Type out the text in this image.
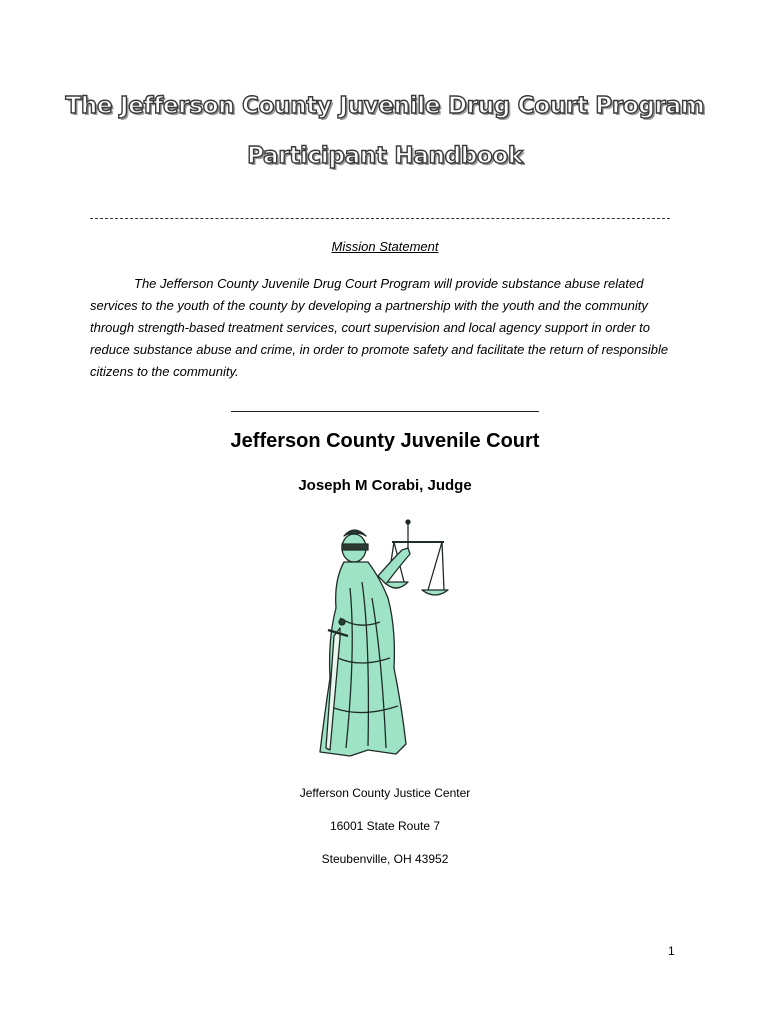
The Jefferson County Juvenile Drug Court Program
Participant Handbook
Mission Statement

The Jefferson County Juvenile Drug Court Program will provide substance abuse related services to the youth of the county by developing a partnership with the youth and the community through strength-based treatment services, court supervision and local agency support in order to reduce substance abuse and crime, in order to promote safety and facilitate the return of responsible citizens to the community.

Jefferson County Juvenile Court
Joseph M Corabi, Judge
Jefferson County Justice Center
16001 State Route 7
Steubenville, OH 43952
1
